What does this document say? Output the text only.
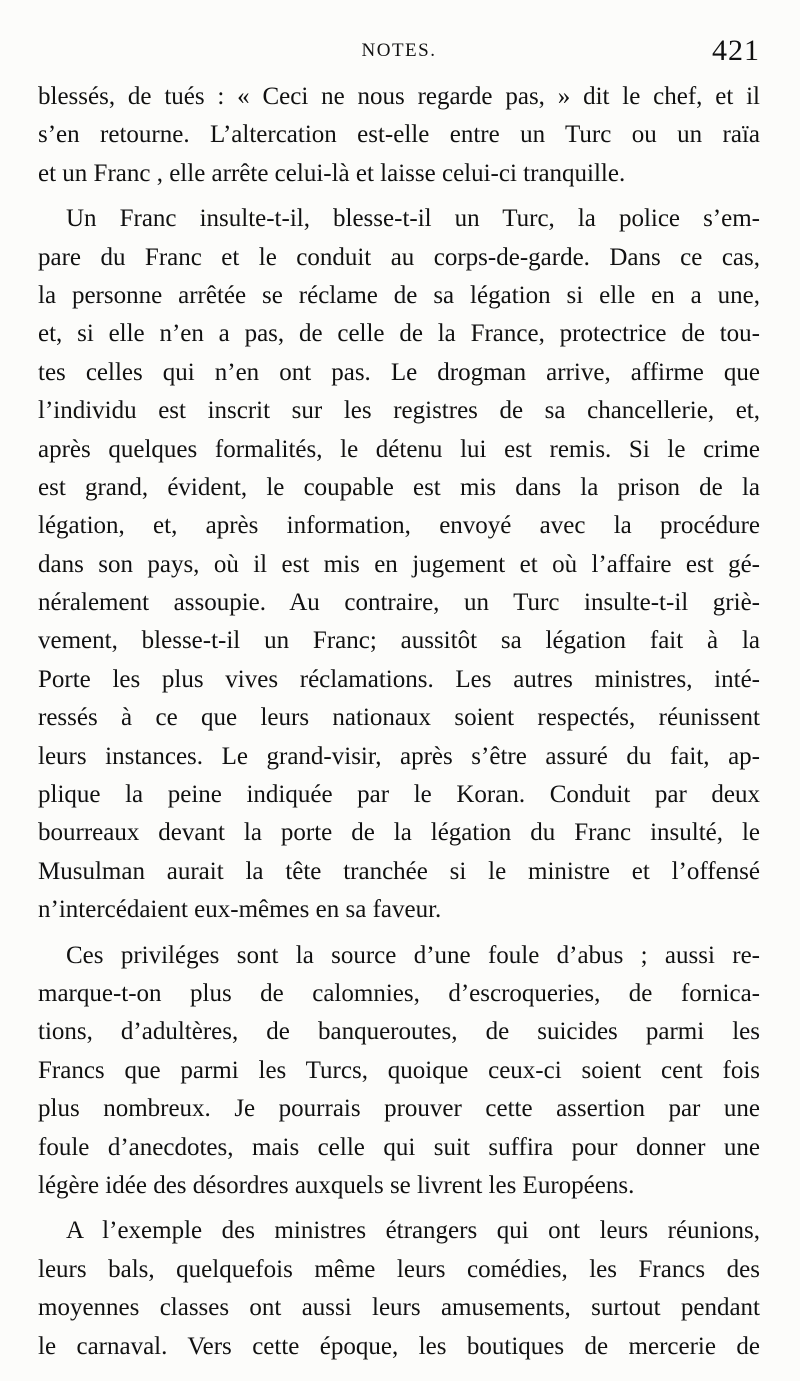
NOTES.	421
blessés, de tués : « Ceci ne nous regarde pas, » dit le chef, et il
s’en retourne. L’altercation est-elle entre un Turc ou un raïa
et un Franc , elle arrête celui-là et laisse celui-ci tranquille.
Un Franc insulte-t-il, blesse-t-il un Turc, la police s’em-
pare du Franc et le conduit au corps-de-garde. Dans ce cas,
la personne arrêtée se réclame de sa légation si elle en a une,
et, si elle n’en a pas, de celle de la France, protectrice de tou-
tes celles qui n’en ont pas. Le drogman arrive, affirme que
l’individu est inscrit sur les registres de sa chancellerie, et,
après quelques formalités, le détenu lui est remis. Si le crime
est grand, évident, le coupable est mis dans la prison de la
légation, et, après information, envoyé avec la procédure
dans son pays, où il est mis en jugement et où l’affaire est gé-
néralement assoupie. Au contraire, un Turc insulte-t-il griè-
vement, blesse-t-il un Franc; aussitôt sa légation fait à la
Porte les plus vives réclamations. Les autres ministres, inté-
ressés à ce que leurs nationaux soient respectés, réunissent
leurs instances. Le grand-visir, après s’être assuré du fait, ap-
plique la peine indiquée par le Koran. Conduit par deux
bourreaux devant la porte de la légation du Franc insulté, le
Musulman aurait la tête tranchée si le ministre et l’offensé
n’intercédaient eux-mêmes en sa faveur.
Ces priviléges sont la source d’une foule d’abus ; aussi re-
marque-t-on plus de calomnies, d’escroqueries, de fornica-
tions, d’adultères, de banqueroutes, de suicides parmi les
Francs que parmi les Turcs, quoique ceux-ci soient cent fois
plus nombreux. Je pourrais prouver cette assertion par une
foule d’anecdotes, mais celle qui suit suffira pour donner une
légère idée des désordres auxquels se livrent les Européens.
A l’exemple des ministres étrangers qui ont leurs réunions,
leurs bals, quelquefois même leurs comédies, les Francs des
moyennes classes ont aussi leurs amusements, surtout pendant
le carnaval. Vers cette époque, les boutiques de mercerie de
